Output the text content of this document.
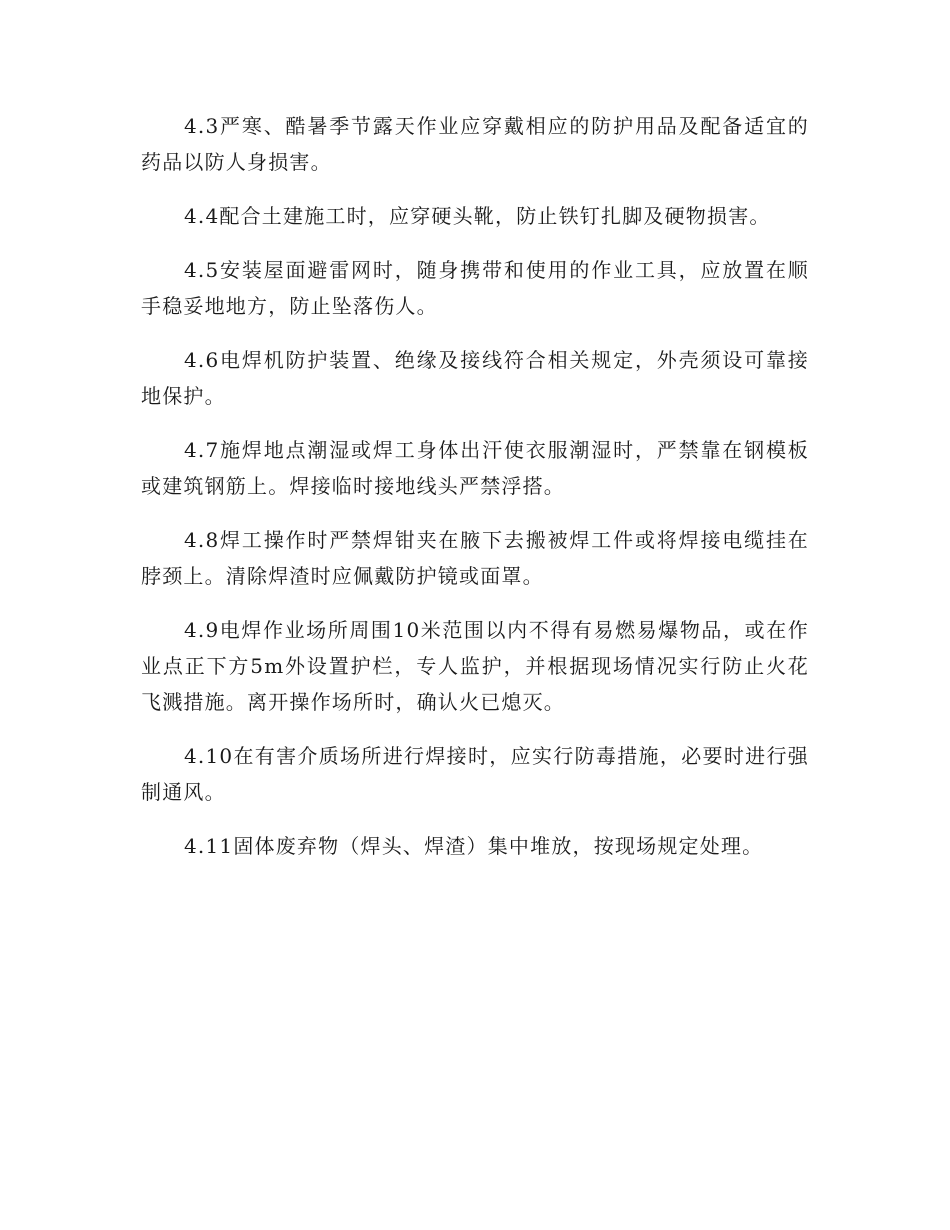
4.3严寒、酷暑季节露天作业应穿戴相应的防护用品及配备适宜的药品以防人身损害。

4.4配合土建施工时，应穿硬头靴，防止铁钉扎脚及硬物损害。

4.5安装屋面避雷网时，随身携带和使用的作业工具，应放置在顺手稳妥地地方，防止坠落伤人。

4.6电焊机防护装置、绝缘及接线符合相关规定，外壳须设可靠接地保护。

4.7施焊地点潮湿或焊工身体出汗使衣服潮湿时，严禁靠在钢模板或建筑钢筋上。焊接临时接地线头严禁浮搭。

4.8焊工操作时严禁焊钳夹在腋下去搬被焊工件或将焊接电缆挂在脖颈上。清除焊渣时应佩戴防护镜或面罩。

4.9电焊作业场所周围10米范围以内不得有易燃易爆物品，或在作业点正下方5m外设置护栏，专人监护，并根据现场情况实行防止火花飞溅措施。离开操作场所时，确认火已熄灭。

4.10在有害介质场所进行焊接时，应实行防毒措施，必要时进行强制通风。

4.11固体废弃物（焊头、焊渣）集中堆放，按现场规定处理。
